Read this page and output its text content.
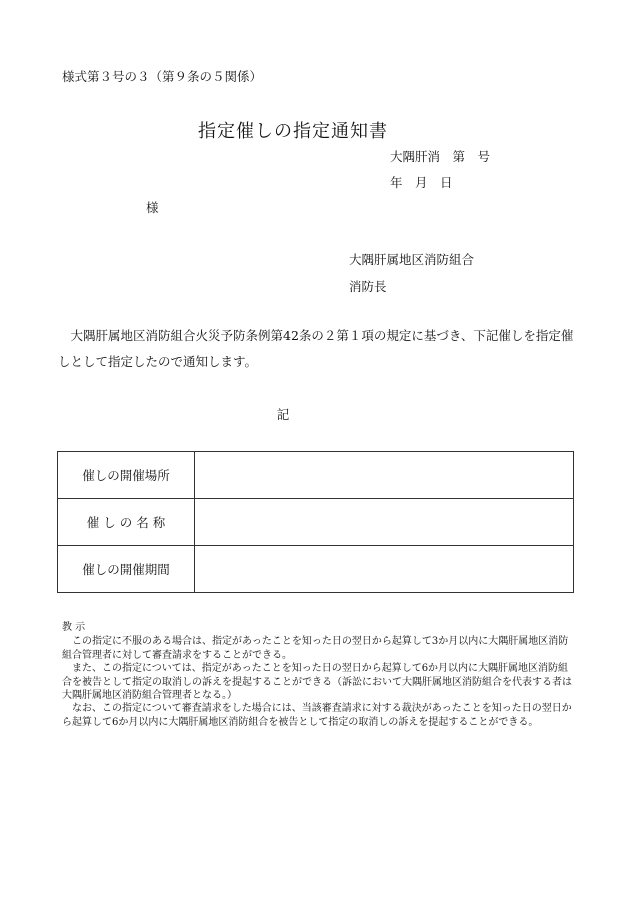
様式第３号の３（第９条の５関係）
指定催しの指定通知書
大隅肝消　第　号
年　月　日
様
大隅肝属地区消防組合
消防長
大隅肝属地区消防組合火災予防条例第42条の２第１項の規定に基づき、下記催しを指定催しとして指定したので通知します。
記
催しの開催場所	
催 し の 名 称	
催しの開催期間	
教 示

この指定に不服のある場合は、指定があったことを知った日の翌日から起算して3か月以内に大隅肝属地区消防組合管理者に対して審査請求をすることができる。

また、この指定については、指定があったことを知った日の翌日から起算して6か月以内に大隅肝属地区消防組合を被告として指定の取消しの訴えを提起することができる（訴訟において大隅肝属地区消防組合を代表する者は大隅肝属地区消防組合管理者となる。）

なお、この指定について審査請求をした場合には、当該審査請求に対する裁決があったことを知った日の翌日から起算して6か月以内に大隅肝属地区消防組合を被告として指定の取消しの訴えを提起することができる。
